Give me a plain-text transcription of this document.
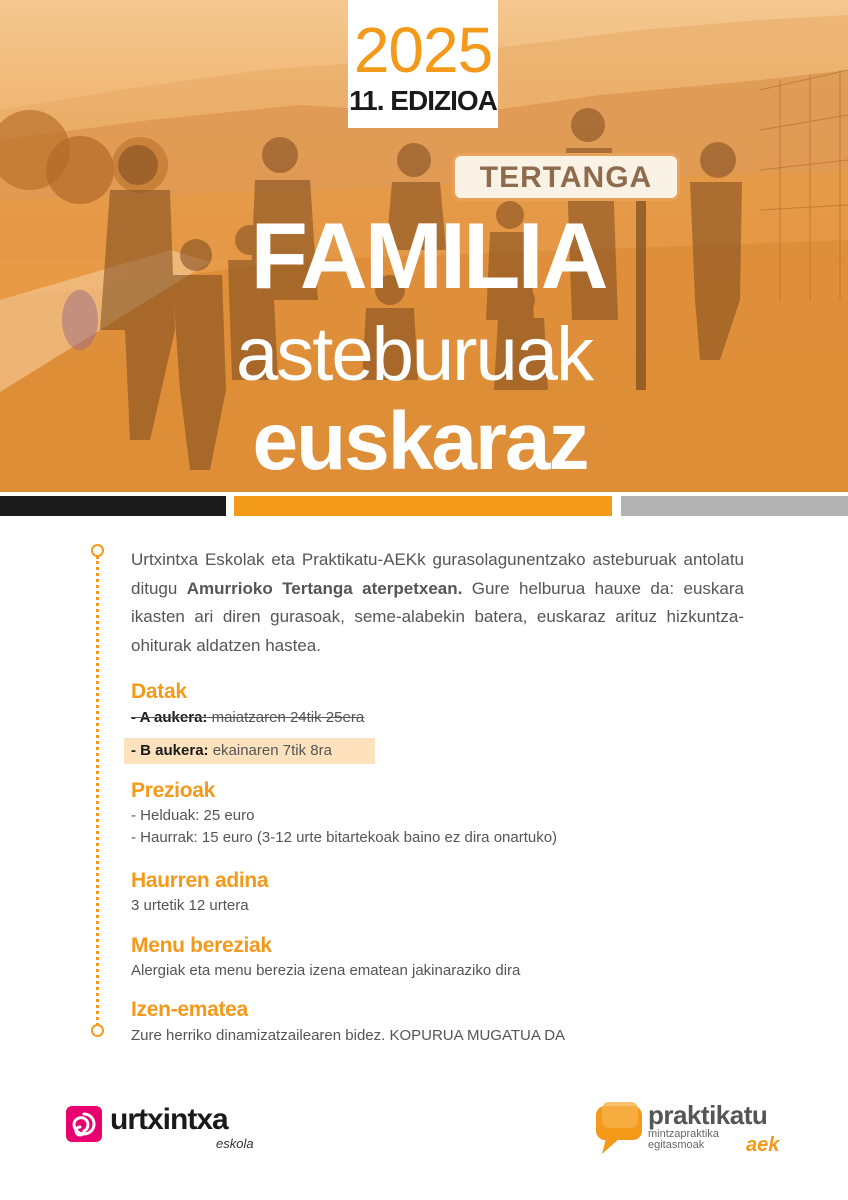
TERTANGA
2025
11. EDIZIOA
FAMILIA
asteburuak
euskaraz
Urtxintxa Eskolak eta Praktikatu-AEKk gurasolagunentzako asteburuak antolatu ditugu Amurrioko Tertanga aterpetxean. Gure helburua hauxe da: euskara ikasten ari diren gurasoak, seme-alabekin batera, euskaraz arituz hizkuntza-ohiturak aldatzen hastea.
Datak
- A aukera: maiatzaren 24tik 25era
- B aukera: ekainaren 7tik 8ra
Prezioak
- Helduak: 25 euro
- Haurrak: 15 euro (3-12 urte bitartekoak baino ez dira onartuko)
Haurren adina
3 urtetik 12 urtera
Menu bereziak
Alergiak eta menu berezia izena ematean jakinaraziko dira
Izen-ematea
Zure herriko dinamizatzailearen bidez. KOPURUA MUGATUA DA
urtxintxa
eskola
praktikatu
mintzapraktika
egitasmoak aek
